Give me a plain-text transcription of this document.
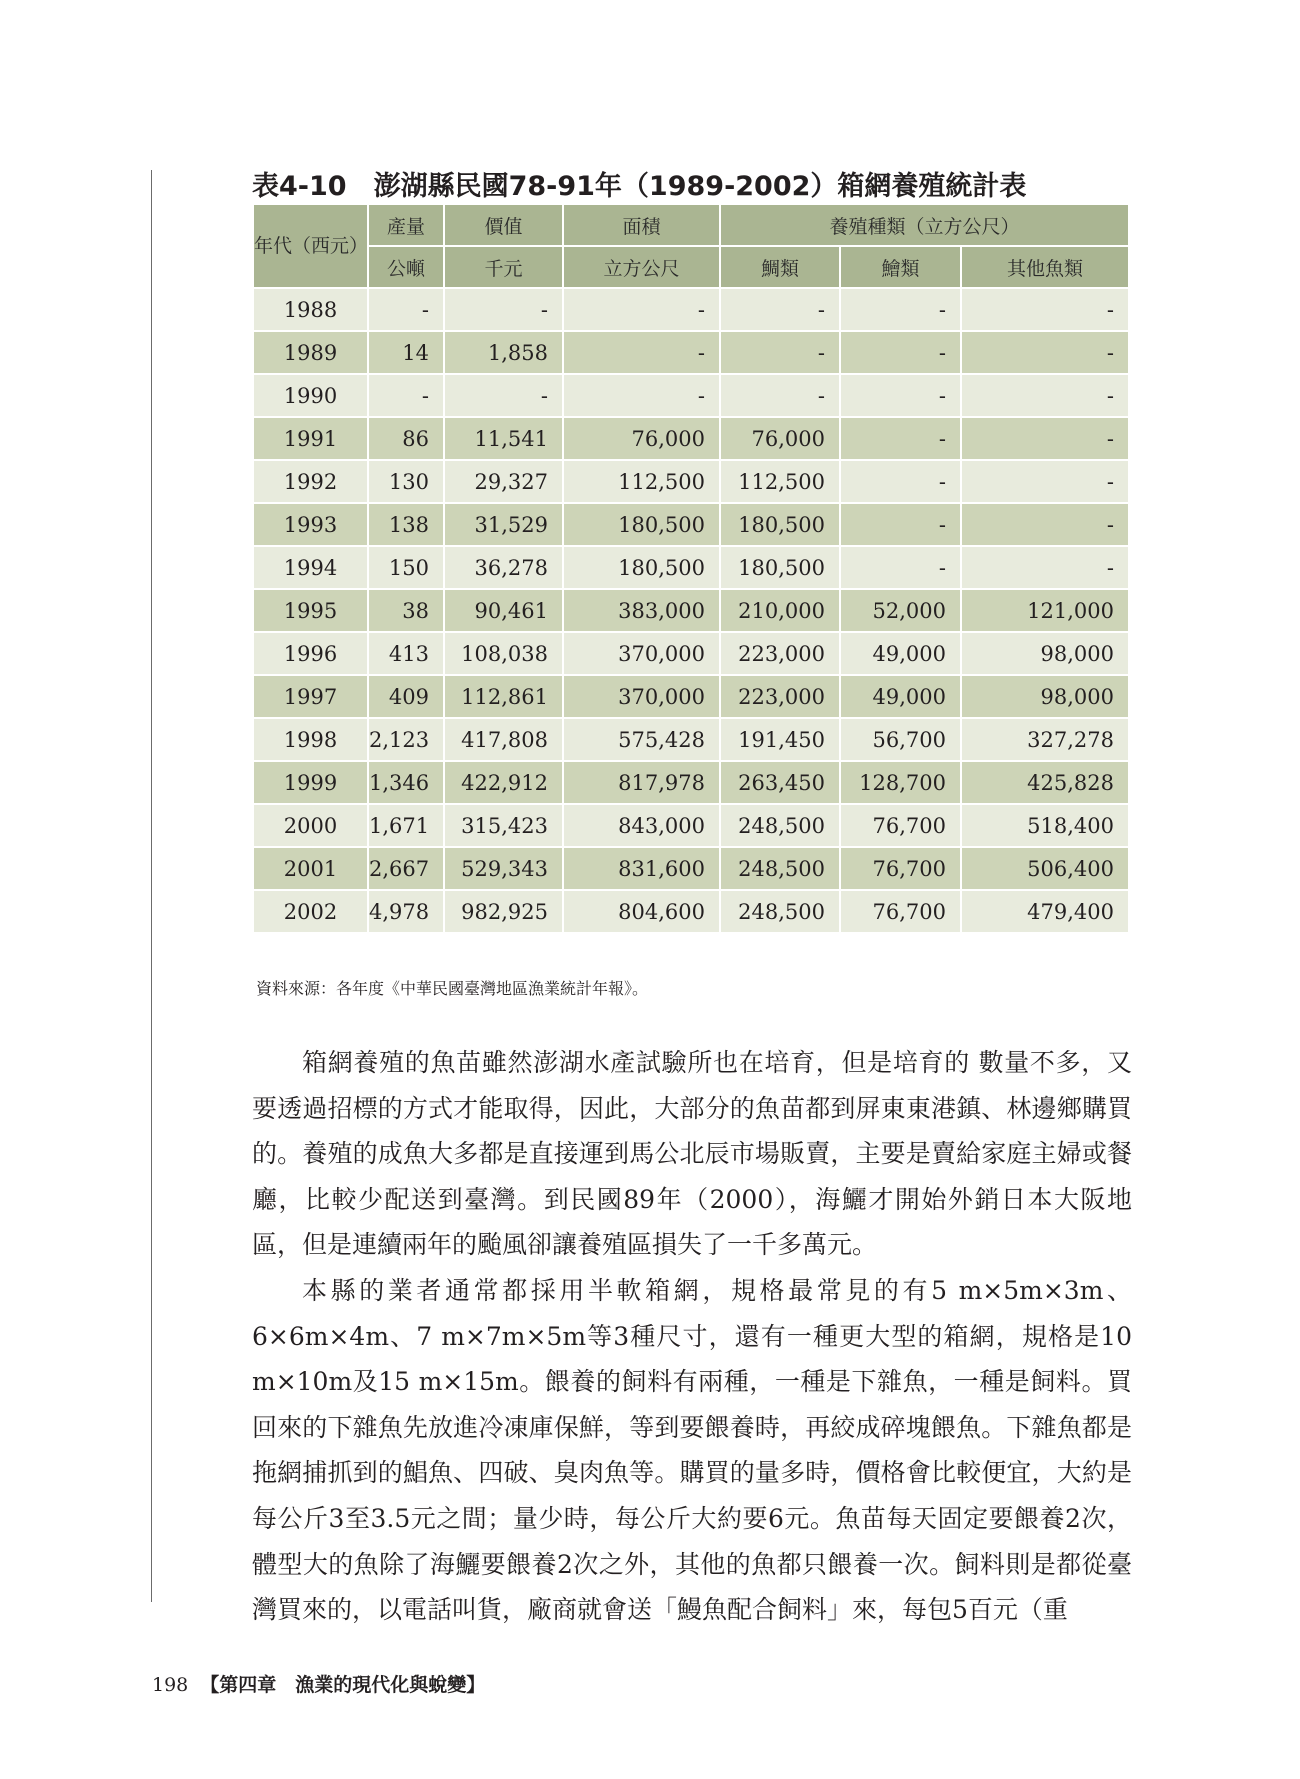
表4-10　澎湖縣民國78-91年（1989-2002）箱網養殖統計表
年代（西元）	產量	價值	面積	養殖種類（立方公尺）		
	公噸	千元	立方公尺	鯛類	鱠類	其他魚類
1988	-	-	-	-	-	-
1989	14	1,858	-	-	-	-
1990	-	-	-	-	-	-
1991	86	11,541	76,000	76,000	-	-
1992	130	29,327	112,500	112,500	-	-
1993	138	31,529	180,500	180,500	-	-
1994	150	36,278	180,500	180,500	-	-
1995	38	90,461	383,000	210,000	52,000	121,000
1996	413	108,038	370,000	223,000	49,000	98,000
1997	409	112,861	370,000	223,000	49,000	98,000
1998	2,123	417,808	575,428	191,450	56,700	327,278
1999	1,346	422,912	817,978	263,450	128,700	425,828
2000	1,671	315,423	843,000	248,500	76,700	518,400
2001	2,667	529,343	831,600	248,500	76,700	506,400
2002	4,978	982,925	804,600	248,500	76,700	479,400
資料來源：各年度《中華民國臺灣地區漁業統計年報》。

箱網養殖的魚苗雖然澎湖水產試驗所也在培育，但是培育的 數量不多，又要透過招標的方式才能取得，因此，大部分的魚苗都到屏東東港鎮、林邊鄉購買的。養殖的成魚大多都是直接運到馬公北辰市場販賣，主要是賣給家庭主婦或餐廳，比較少配送到臺灣。到民國89年（2000），海鱺才開始外銷日本大阪地區，但是連續兩年的颱風卻讓養殖區損失了一千多萬元。

本縣的業者通常都採用半軟箱網，規格最常見的有5 m×5m×3m、6×6m×4m、7 m×7m×5m等3種尺寸，還有一種更大型的箱網，規格是10 m×10m及15 m×15m。餵養的飼料有兩種，一種是下雜魚，一種是飼料。買回來的下雜魚先放進冷凍庫保鮮，等到要餵養時，再絞成碎塊餵魚。下雜魚都是拖網捕抓到的鯧魚、四破、臭肉魚等。購買的量多時，價格會比較便宜，大約是每公斤3至3.5元之間；量少時，每公斤大約要6元。魚苗每天固定要餵養2次，體型大的魚除了海鱺要餵養2次之外，其他的魚都只餵養一次。飼料則是都從臺灣買來的，以電話叫貨，廠商就會送「鰻魚配合飼料」來，每包5百元（重

198 【第四章　漁業的現代化與蛻變】
